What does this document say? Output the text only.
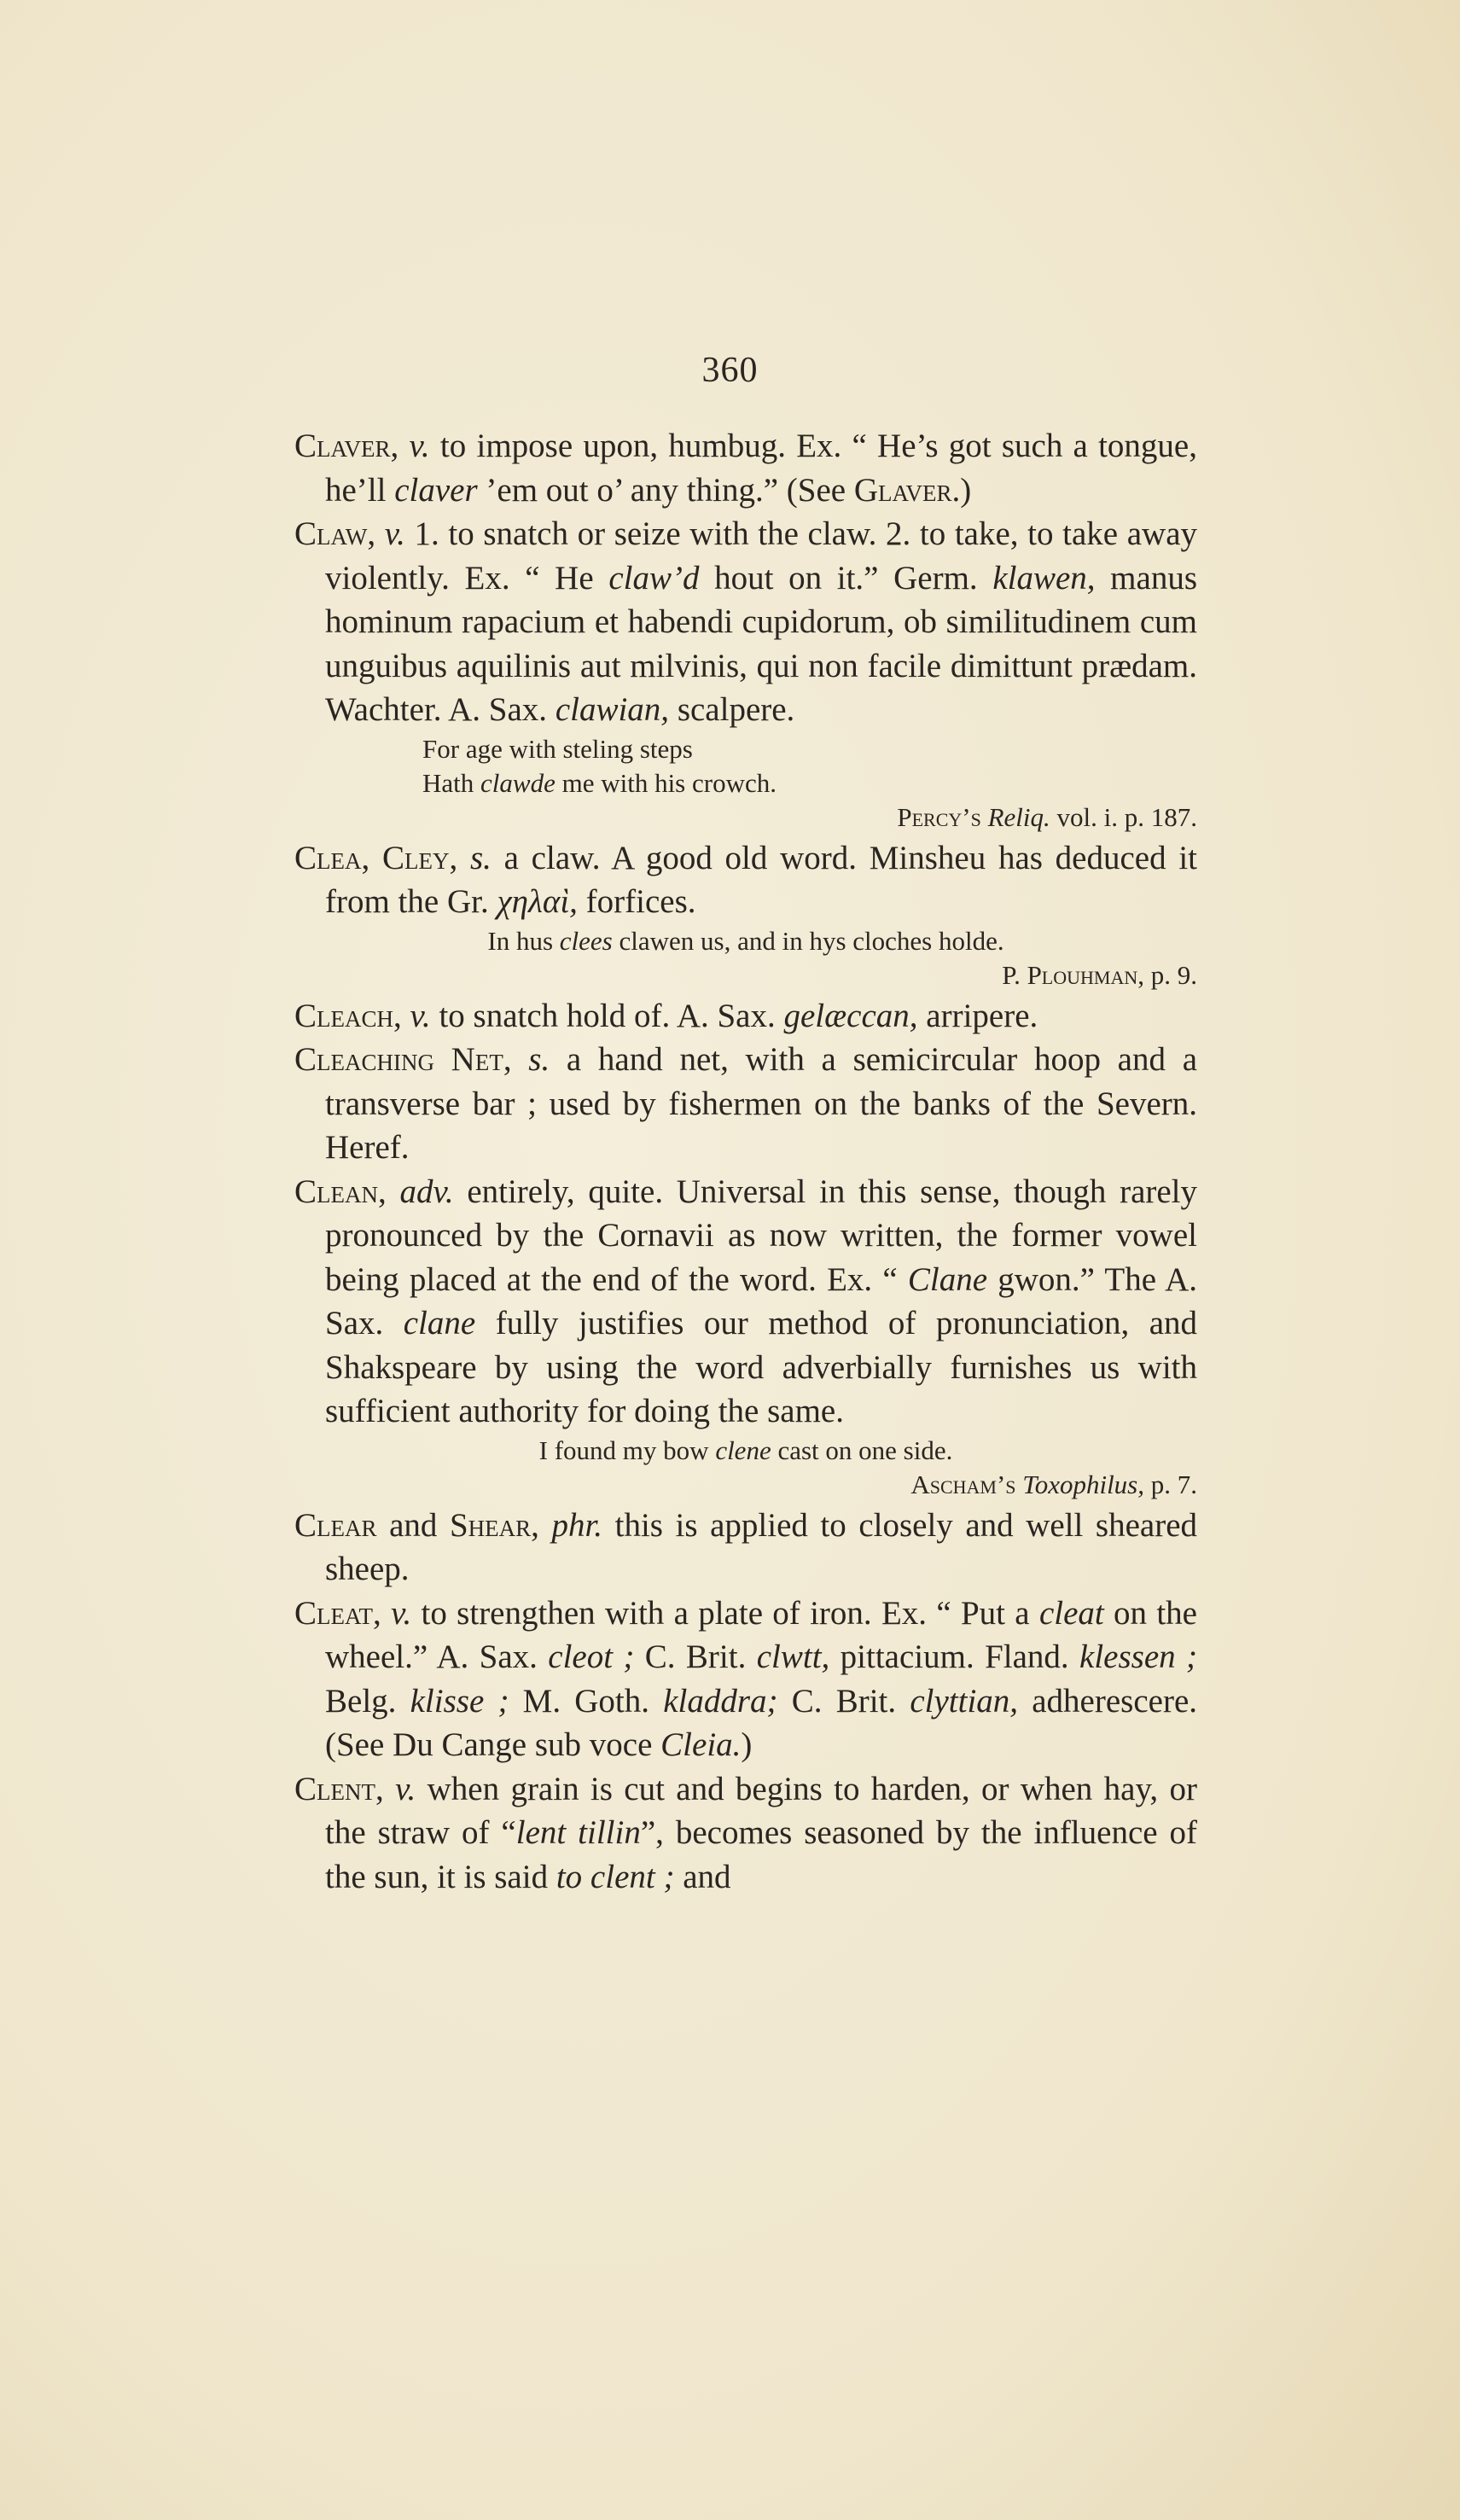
360

Claver, v. to impose upon, humbug. Ex. “ He’s got such a tongue, he’ll claver ’em out o’ any thing.” (See Glaver.)

Claw, v. 1. to snatch or seize with the claw. 2. to take, to take away violently. Ex. “ He claw’d hout on it.” Germ. klawen, manus hominum rapacium et habendi cupidorum, ob similitudinem cum unguibus aquilinis aut milvinis, qui non facile dimittunt prædam. Wachter. A. Sax. clawian, scalpere.

For age with steling steps

Hath clawde me with his crowch.

Percy’s Reliq. vol. i. p. 187.

Clea, Cley, s. a claw. A good old word. Minsheu has deduced it from the Gr. χηλαὶ, forfices.

In hus clees clawen us, and in hys cloches holde.

P. Plouhman, p. 9.

Cleach, v. to snatch hold of. A. Sax. gelæccan, arripere.

Cleaching Net, s. a hand net, with a semicircular hoop and a transverse bar ; used by fishermen on the banks of the Severn. Heref.

Clean, adv. entirely, quite. Universal in this sense, though rarely pronounced by the Cornavii as now written, the former vowel being placed at the end of the word. Ex. “ Clane gwon.” The A. Sax. clane fully justifies our method of pronunciation, and Shakspeare by using the word adverbially furnishes us with sufficient authority for doing the same.

I found my bow clene cast on one side.

Ascham’s Toxophilus, p. 7.

Clear and Shear, phr. this is applied to closely and well sheared sheep.

Cleat, v. to strengthen with a plate of iron. Ex. “ Put a cleat on the wheel.” A. Sax. cleot ; C. Brit. clwtt, pittacium. Fland. klessen ; Belg. klisse ; M. Goth. kladdra; C. Brit. clyttian, adherescere. (See Du Cange sub voce Cleia.)

Clent, v. when grain is cut and begins to harden, or when hay, or the straw of “lent tillin”, becomes seasoned by the influence of the sun, it is said to clent ; and
